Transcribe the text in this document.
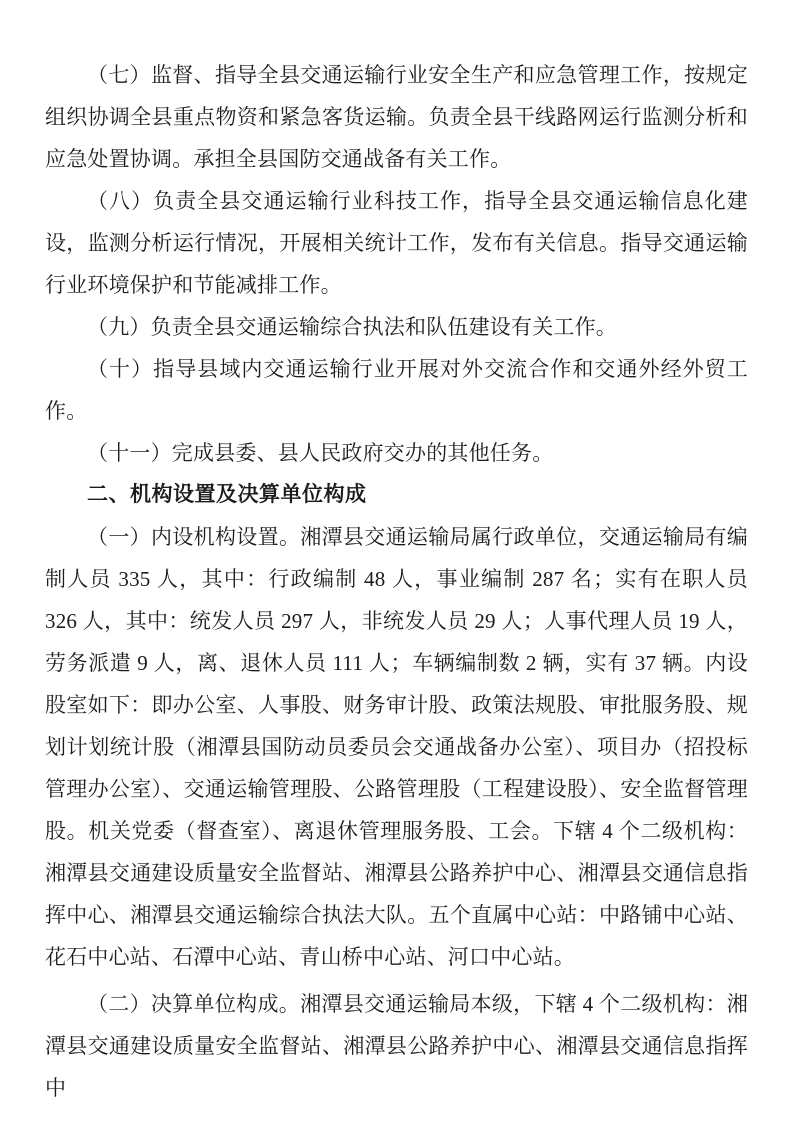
（七）监督、指导全县交通运输行业安全生产和应急管理工作，按规定组织协调全县重点物资和紧急客货运输。负责全县干线路网运行监测分析和应急处置协调。承担全县国防交通战备有关工作。

（八）负责全县交通运输行业科技工作，指导全县交通运输信息化建设，监测分析运行情况，开展相关统计工作，发布有关信息。指导交通运输行业环境保护和节能减排工作。

（九）负责全县交通运输综合执法和队伍建设有关工作。

（十）指导县域内交通运输行业开展对外交流合作和交通外经外贸工作。

（十一）完成县委、县人民政府交办的其他任务。

二、机构设置及决算单位构成

（一）内设机构设置。湘潭县交通运输局属行政单位，交通运输局有编制人员 335 人，其中：行政编制 48 人，事业编制 287 名；实有在职人员 326 人，其中：统发人员 297 人，非统发人员 29 人；人事代理人员 19 人，劳务派遣 9 人，离、退休人员 111 人；车辆编制数 2 辆，实有 37 辆。内设股室如下：即办公室、人事股、财务审计股、政策法规股、审批服务股、规划计划统计股（湘潭县国防动员委员会交通战备办公室）、项目办（招投标管理办公室）、交通运输管理股、公路管理股（工程建设股）、安全监督管理股。机关党委（督查室）、离退休管理服务股、工会。下辖 4 个二级机构：湘潭县交通建设质量安全监督站、湘潭县公路养护中心、湘潭县交通信息指挥中心、湘潭县交通运输综合执法大队。五个直属中心站：中路铺中心站、花石中心站、石潭中心站、青山桥中心站、河口中心站。

（二）决算单位构成。湘潭县交通运输局本级，下辖 4 个二级机构：湘潭县交通建设质量安全监督站、湘潭县公路养护中心、湘潭县交通信息指挥中
